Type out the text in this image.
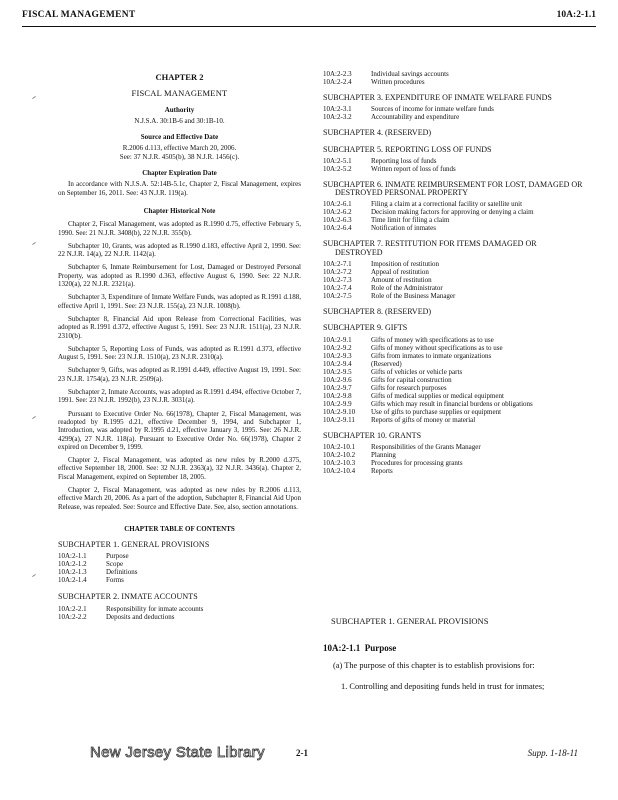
FISCAL MANAGEMENT	10A:2-1.1
CHAPTER 2
FISCAL MANAGEMENT
Authority
N.J.S.A. 30:1B-6 and 30:1B-10.
Source and Effective Date
R.2006 d.113, effective March 20, 2006.
See: 37 N.J.R. 4505(b), 38 N.J.R. 1456(c).
Chapter Expiration Date

In accordance with N.J.S.A. 52:14B-5.1c, Chapter 2, Fiscal Management, expires on September 16, 2011. See: 43 N.J.R. 119(a).

Chapter Historical Note

Chapter 2, Fiscal Management, was adopted as R.1990 d.75, effective February 5, 1990. See: 21 N.J.R. 3408(b), 22 N.J.R. 355(b).

Subchapter 10, Grants, was adopted as R.1990 d.183, effective April 2, 1990. See: 22 N.J.R. 14(a), 22 N.J.R. 1142(a).

Subchapter 6, Inmate Reimbursement for Lost, Damaged or Destroyed Personal Property, was adopted as R.1990 d.363, effective August 6, 1990. See: 22 N.J.R. 1320(a), 22 N.J.R. 2321(a).

Subchapter 3, Expenditure of Inmate Welfare Funds, was adopted as R.1991 d.188, effective April 1, 1991. See: 23 N.J.R. 155(a), 23 N.J.R. 1008(b).

Subchapter 8, Financial Aid upon Release from Correctional Facilities, was adopted as R.1991 d.372, effective August 5, 1991. See: 23 N.J.R. 1511(a), 23 N.J.R. 2310(b).

Subchapter 5, Reporting Loss of Funds, was adopted as R.1991 d.373, effective August 5, 1991. See: 23 N.J.R. 1510(a), 23 N.J.R. 2310(a).

Subchapter 9, Gifts, was adopted as R.1991 d.449, effective August 19, 1991. See: 23 N.J.R. 1754(a), 23 N.J.R. 2509(a).

Subchapter 2, Inmate Accounts, was adopted as R.1991 d.494, effective October 7, 1991. See: 23 N.J.R. 1992(b), 23 N.J.R. 3031(a).

Pursuant to Executive Order No. 66(1978), Chapter 2, Fiscal Management, was readopted by R.1995 d.21, effective December 9, 1994, and Subchapter 1, Introduction, was adopted by R.1995 d.21, effective January 3, 1995. See: 26 N.J.R. 4299(a), 27 N.J.R. 118(a). Pursuant to Executive Order No. 66(1978), Chapter 2 expired on December 9, 1999.

Chapter 2, Fiscal Management, was adopted as new rules by R.2000 d.375, effective September 18, 2000. See: 32 N.J.R. 2363(a), 32 N.J.R. 3436(a). Chapter 2, Fiscal Management, expired on September 18, 2005.

Chapter 2, Fiscal Management, was adopted as new rules by R.2006 d.113, effective March 20, 2006. As a part of the adoption, Subchapter 8, Financial Aid Upon Release, was repealed. See: Source and Effective Date. See, also, section annotations.

CHAPTER TABLE OF CONTENTS
SUBCHAPTER 1. GENERAL PROVISIONS
10A:2-1.1	Purpose
10A:2-1.2	Scope
10A:2-1.3	Definitions
10A:2-1.4	Forms
SUBCHAPTER 2. INMATE ACCOUNTS
10A:2-2.1	Responsibility for inmate accounts
10A:2-2.2	Deposits and deductions
10A:2-2.3	Individual savings accounts
10A:2-2.4	Written procedures
SUBCHAPTER 3. EXPENDITURE OF INMATE WELFARE FUNDS
10A:2-3.1	Sources of income for inmate welfare funds
10A:2-3.2	Accountability and expenditure
SUBCHAPTER 4. (RESERVED)
SUBCHAPTER 5. REPORTING LOSS OF FUNDS
10A:2-5.1	Reporting loss of funds
10A:2-5.2	Written report of loss of funds
SUBCHAPTER 6. INMATE REIMBURSEMENT FOR LOST, DAMAGED OR DESTROYED PERSONAL PROPERTY
10A:2-6.1	Filing a claim at a correctional facility or satellite unit
10A:2-6.2	Decision making factors for approving or denying a claim
10A:2-6.3	Time limit for filing a claim
10A:2-6.4	Notification of inmates
SUBCHAPTER 7. RESTITUTION FOR ITEMS DAMAGED OR DESTROYED
10A:2-7.1	Imposition of restitution
10A:2-7.2	Appeal of restitution
10A:2-7.3	Amount of restitution
10A:2-7.4	Role of the Administrator
10A:2-7.5	Role of the Business Manager
SUBCHAPTER 8. (RESERVED)
SUBCHAPTER 9. GIFTS
10A:2-9.1	Gifts of money with specifications as to use
10A:2-9.2	Gifts of money without specifications as to use
10A:2-9.3	Gifts from inmates to inmate organizations
10A:2-9.4	(Reserved)
10A:2-9.5	Gifts of vehicles or vehicle parts
10A:2-9.6	Gifts for capital construction
10A:2-9.7	Gifts for research purposes
10A:2-9.8	Gifts of medical supplies or medical equipment
10A:2-9.9	Gifts which may result in financial burdens or obligations
10A:2-9.10	Use of gifts to purchase supplies or equipment
10A:2-9.11	Reports of gifts of money or material
SUBCHAPTER 10. GRANTS
10A:2-10.1	Responsibilities of the Grants Manager
10A:2-10.2	Planning
10A:2-10.3	Procedures for processing grants
10A:2-10.4	Reports
SUBCHAPTER 1. GENERAL PROVISIONS
10A:2-1.1 Purpose

(a) The purpose of this chapter is to establish provisions for:

1. Controlling and depositing funds held in trust for inmates;

New Jersey State Library	2-1	Supp. 1-18-11
